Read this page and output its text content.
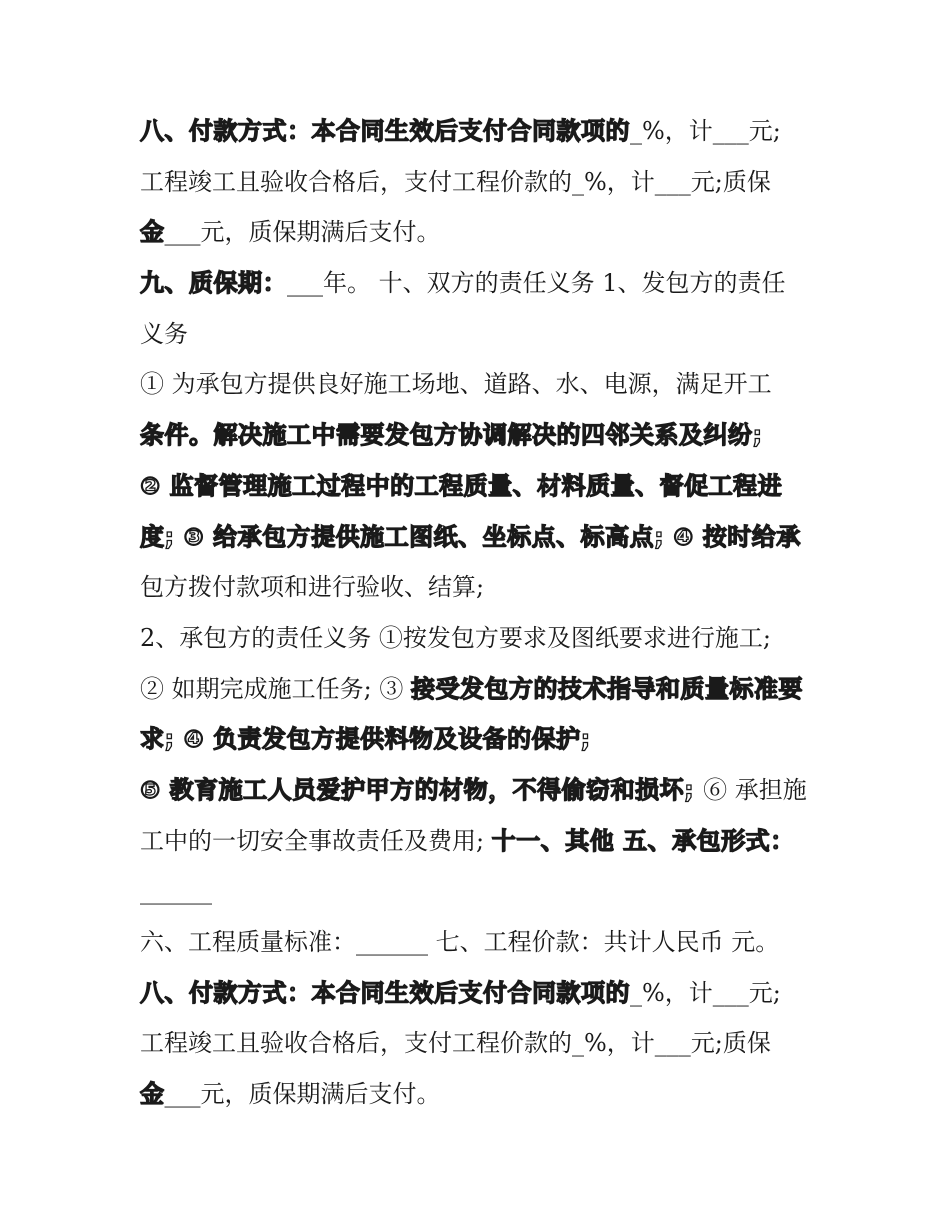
八、付款方式：本合同生效后支付合同款项的_%，计___元;
工程竣工且验收合格后，支付工程价款的_%，计___元;质保
金___元，质保期满后支付。
九、质保期：___年。 十、双方的责任义务 1、发包方的责任
义务
① 为承包方提供良好施工场地、道路、水、电源，满足开工
条件。解决施工中需要发包方协调解决的四邻关系及纠纷;
② 监督管理施工过程中的工程质量、材料质量、督促工程进
度; ③ 给承包方提供施工图纸、坐标点、标高点; ④ 按时给承
包方拨付款项和进行验收、结算;
2、承包方的责任义务 ①按发包方要求及图纸要求进行施工;
② 如期完成施工任务; ③ 接受发包方的技术指导和质量标准要
求; ④ 负责发包方提供料物及设备的保护;
⑤ 教育施工人员爱护甲方的材物，不得偷窃和损坏; ⑥ 承担施
工中的一切安全事故责任及费用; 十一、其他 五、承包形式：
______
六、工程质量标准：______ 七、工程价款：共计人民币 元。
八、付款方式：本合同生效后支付合同款项的_%，计___元;
工程竣工且验收合格后，支付工程价款的_%，计___元;质保
金___元，质保期满后支付。
